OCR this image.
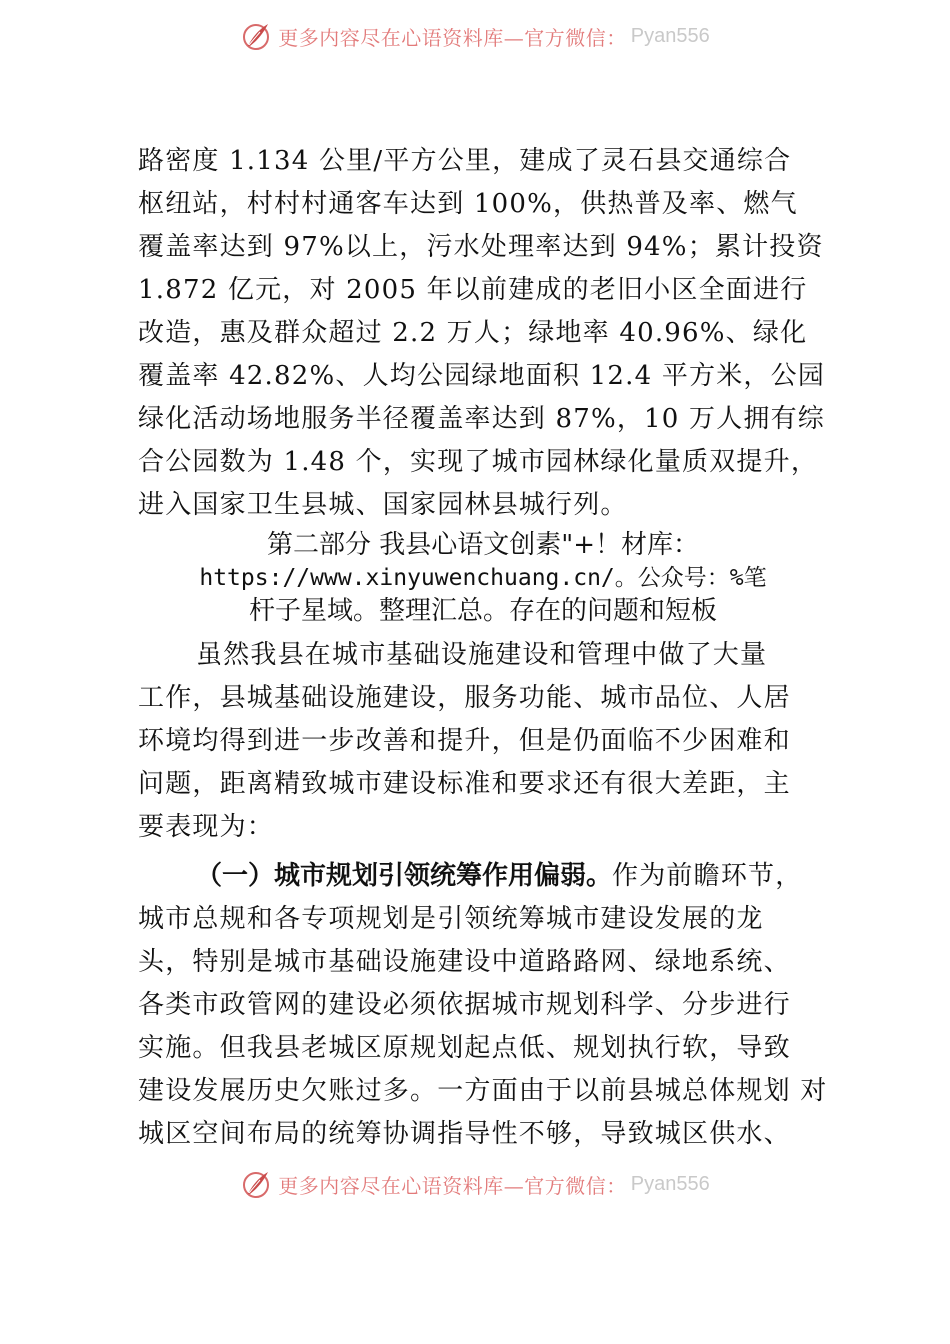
更多内容尽在心语资料库—官方微信： Pyan556
路密度 1.134 公里/平方公里，建成了灵石县交通综合
枢纽站，村村村通客车达到 100%，供热普及率、燃气
覆盖率达到 97%以上，污水处理率达到 94%；累计投资
1.872 亿元，对 2005 年以前建成的老旧小区全面进行
改造，惠及群众超过 2.2 万人；绿地率 40.96%、绿化
覆盖率 42.82%、人均公园绿地面积 12.4 平方米，公园
绿化活动场地服务半径覆盖率达到 87%，10 万人拥有综
合公园数为 1.48 个，实现了城市园林绿化量质双提升，
进入国家卫生县城、国家园林县城行列。
第二部分 我县心语文创素"+！材库：
https://www.xinyuwenchuang.cn/。公众号：%笔
杆子星域。整理汇总。存在的问题和短板
虽然我县在城市基础设施建设和管理中做了大量
工作，县城基础设施建设，服务功能、城市品位、人居
环境均得到进一步改善和提升，但是仍面临不少困难和
问题，距离精致城市建设标准和要求还有很大差距，主
要表现为：
（一）城市规划引领统筹作用偏弱。作为前瞻环节，
城市总规和各专项规划是引领统筹城市建设发展的龙
头，特别是城市基础设施建设中道路路网、绿地系统、
各类市政管网的建设必须依据城市规划科学、分步进行
实施。但我县老城区原规划起点低、规划执行软，导致
建设发展历史欠账过多。一方面由于以前县城总体规划 对
城区空间布局的统筹协调指导性不够，导致城区供水、
更多内容尽在心语资料库—官方微信： Pyan556
